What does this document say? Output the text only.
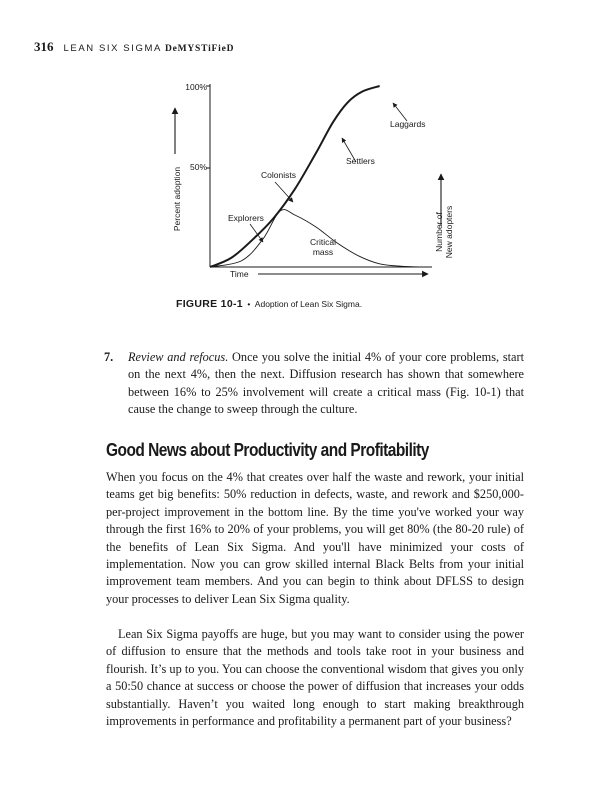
316 LEAN SIX SIGMA DeMYSTiFieD
100%
50%
Percent adoption
Time
Number of
New adopters
Explorers
Colonists
Settlers
Laggards
Critical
mass
FIGURE 10-1 • Adoption of Lean Six Sigma.
7. Review and refocus. Once you solve the initial 4% of your core problems, start on the next 4%, then the next. Diffusion research has shown that somewhere between 16% to 25% involvement will create a critical mass (Fig. 10-1) that cause the change to sweep through the culture.

Good News about Productivity and Profitability

When you focus on the 4% that creates over half the waste and rework, your initial teams get big benefits: 50% reduction in defects, waste, and rework and $250,000-per-project improvement in the bottom line. By the time you've worked your way through the first 16% to 20% of your problems, you will get 80% (the 80-20 rule) of the benefits of Lean Six Sigma. And you'll have minimized your costs of implementation. Now you can grow skilled internal Black Belts from your initial improvement team members. And you can begin to think about DFLSS to design your processes to deliver Lean Six Sigma quality.

Lean Six Sigma payoffs are huge, but you may want to consider using the power of diffusion to ensure that the methods and tools take root in your business and flourish. It’s up to you. You can choose the conventional wisdom that gives you only a 50:50 chance at success or choose the power of diffusion that increases your odds substantially. Haven’t you waited long enough to start making breakthrough improvements in performance and profitability a permanent part of your business?
